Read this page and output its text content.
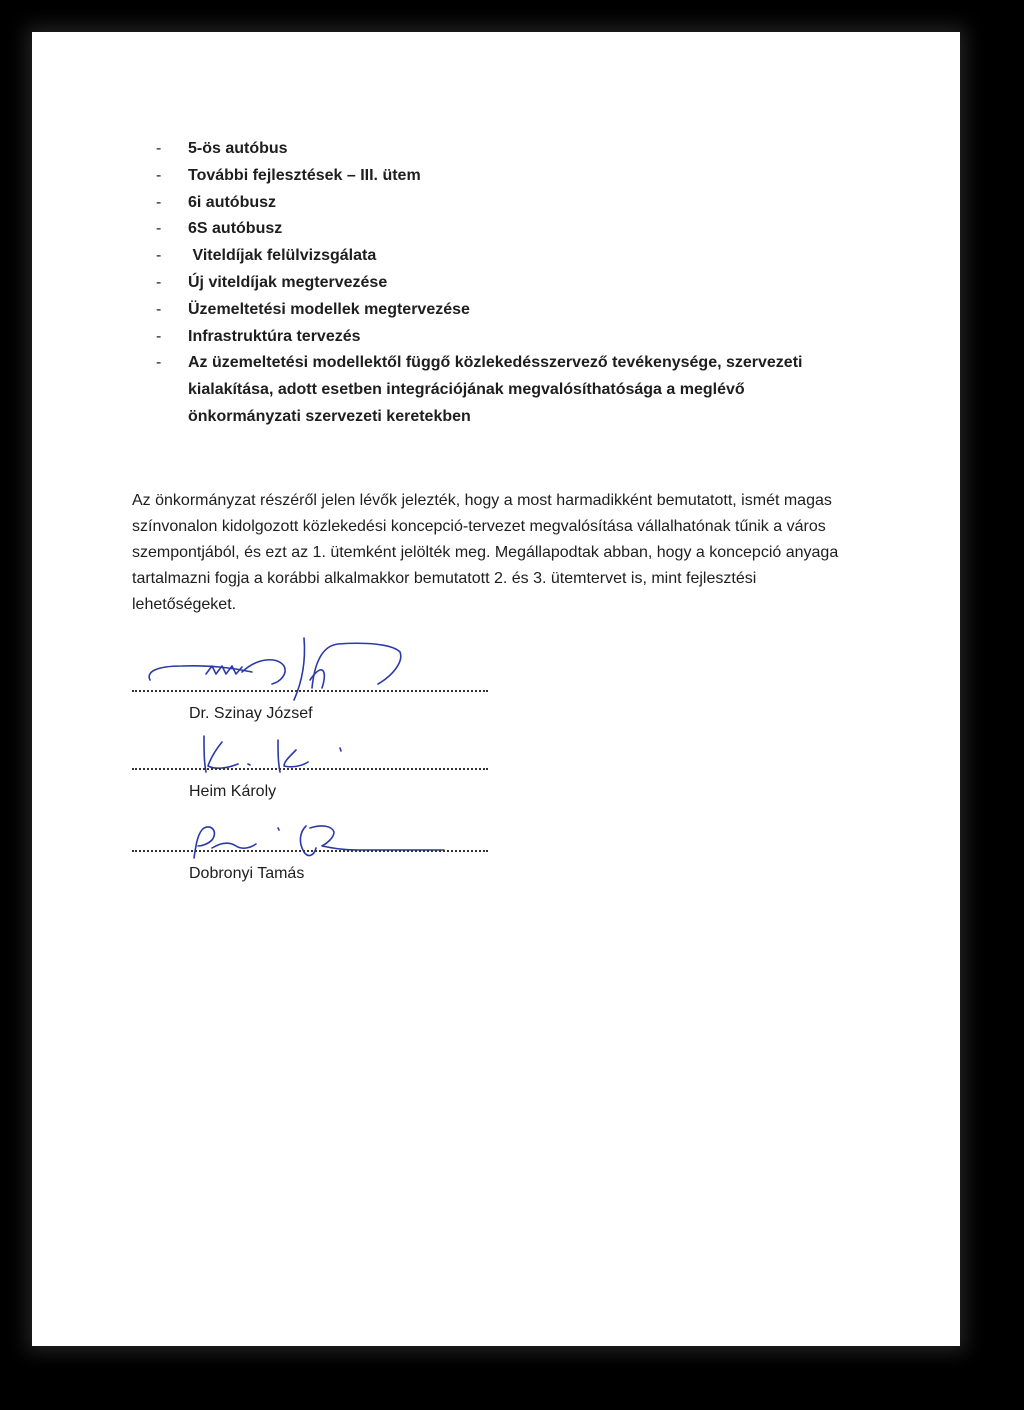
- 5-ös autóbus
- További fejlesztések – III. ütem
- 6i autóbusz
- 6S autóbusz
- Viteldíjak felülvizsgálata
- Új viteldíjak megtervezése
- Üzemeltetési modellek megtervezése
- Infrastruktúra tervezés
- Az üzemeltetési modellektől függő közlekedésszervező tevékenysége, szervezeti kialakítása, adott esetben integrációjának megvalósíthatósága a meglévő önkormányzati szervezeti keretekben

Az önkormányzat részéről jelen lévők jelezték, hogy a most harmadikként bemutatott, ismét magas színvonalon kidolgozott közlekedési koncepció-tervezet megvalósítása vállalhatónak tűnik a város szempontjából, és ezt az 1. ütemként jelölték meg. Megállapodtak abban, hogy a koncepció anyaga tartalmazni fogja a korábbi alkalmakkor bemutatott 2. és 3. ütemtervet is, mint fejlesztési lehetőségeket.

Dr. Szinay József
Heim Károly
Dobronyi Tamás
